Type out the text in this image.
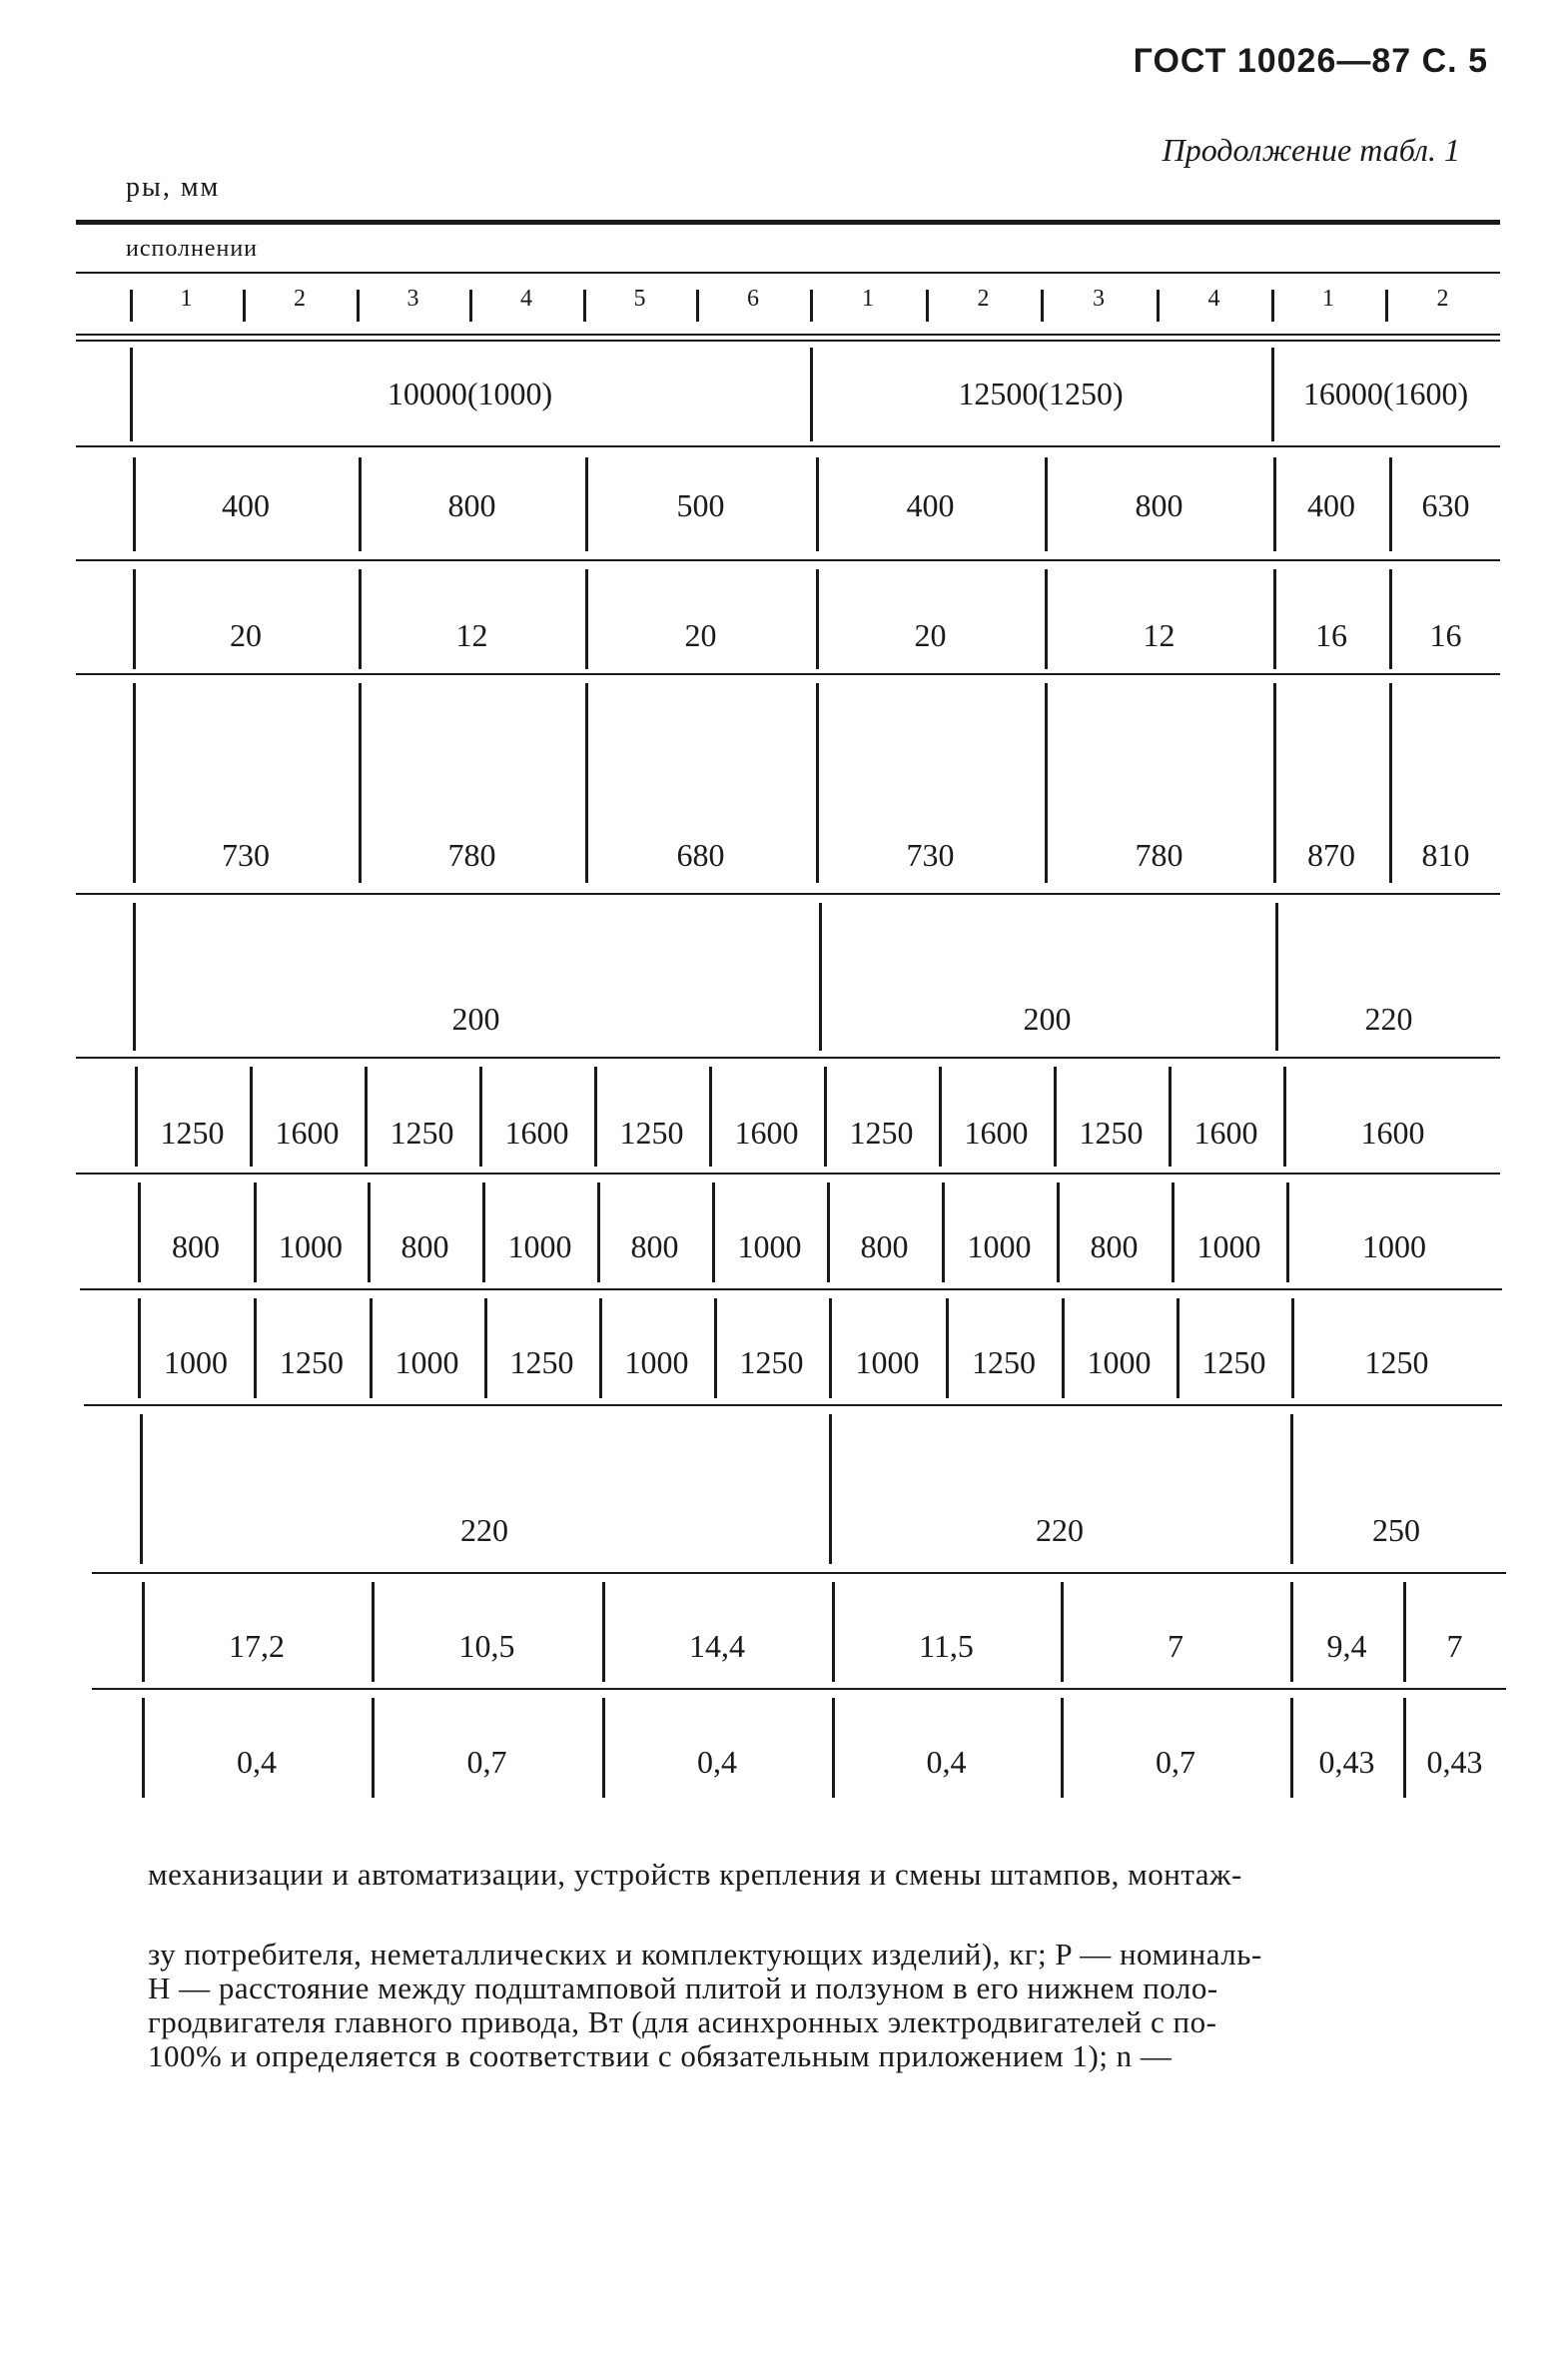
ГОСТ 10026—87 С. 5
Продолжение табл. 1
ры, мм
исполнении
1	2	3	4	5	6	1	2	3	4	1	2
10000(1000)	12500(1250)	16000(1600)
400	800	500	400	800	400	630
20	12	20	20	12	16	16
730	780	680	730	780	870	810
200	200	220
1250	1600	1250	1600	1250	1600	1250	1600	1250	1600	1600
800	1000	800	1000	800	1000	800	1000	800	1000	1000
1000	1250	1000	1250	1000	1250	1000	1250	1000	1250	1250
220	220	250
17,2	10,5	14,4	11,5	7	9,4	7
0,4	0,7	0,4	0,4	0,7	0,43	0,43
механизации и автоматизации, устройств крепления и смены штампов, монтаж-
зу потребителя, неметаллических и комплектующих изделий), кг; P — номиналь-
H — расстояние между подштамповой плитой и ползуном в его нижнем поло-
гродвигателя главного привода, Вт (для асинхронных электродвигателей с по-
100% и определяется в соответствии с обязательным приложением 1); n —
